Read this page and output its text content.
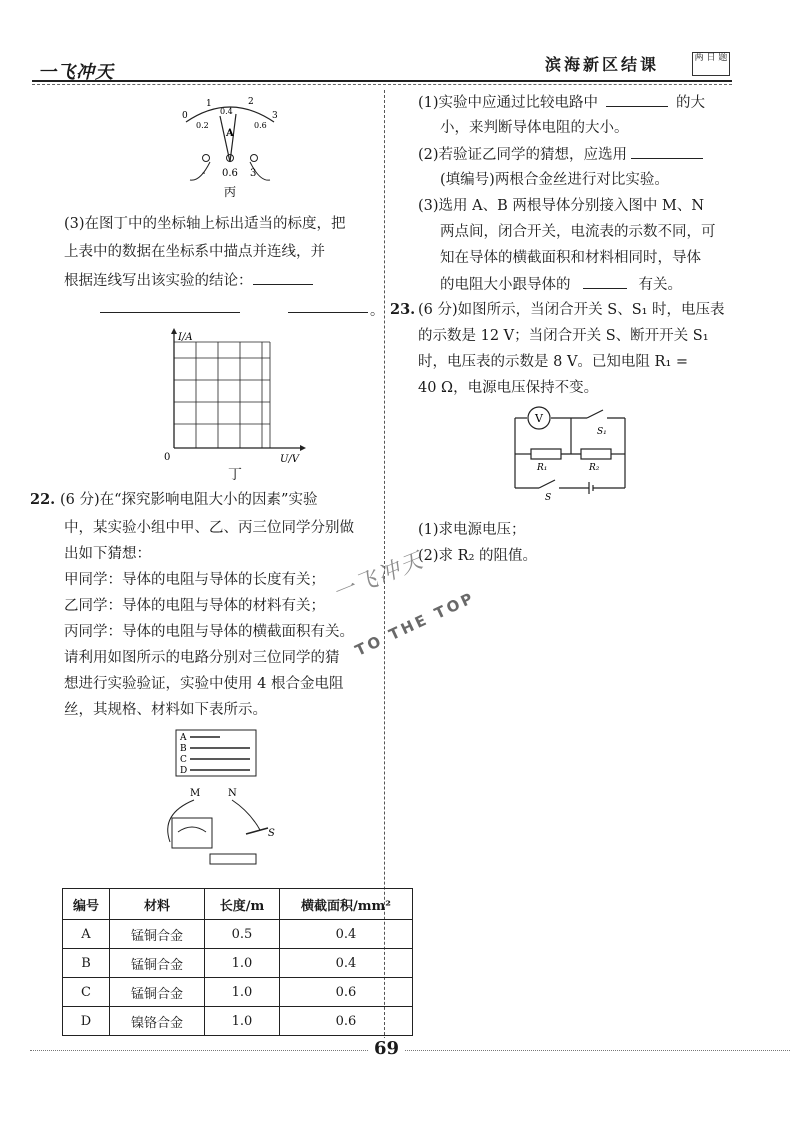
一飞冲天	滨海新区结课	两 日 题
0
1	2
3
0.2
0.4
0.6
A
- 0.6 3
丙
(3)在图丁中的坐标轴上标出适当的标度，把
上表中的数据在坐标系中描点并连线，并
根据连线写出该实验的结论：
。
I/A
U/V
0
丁
22. (6 分)在“探究影响电阻大小的因素”实验
中，某实验小组中甲、乙、丙三位同学分别做
出如下猜想：
甲同学：导体的电阻与导体的长度有关；
乙同学：导体的电阻与导体的材料有关；
丙同学：导体的电阻与导体的横截面积有关。
请利用如图所示的电路分别对三位同学的猜
想进行实验验证，实验中使用 4 根合金电阻
丝，其规格、材料如下表所示。
A
B
C
D
M	N
S
编号	材料	长度/m	横截面积/mm²
A	锰铜合金	0.5	0.4
B	锰铜合金	1.0	0.4
C	锰铜合金	1.0	0.6
D	镍铬合金	1.0	0.6
(1)实验中应通过比较电路中	的大
小，来判断导体电阻的大小。
(2)若验证乙同学的猜想，应选用
(填编号)两根合金丝进行对比实验。
(3)选用 A、B 两根导体分别接入图中 M、N
两点间，闭合开关，电流表的示数不同，可
知在导体的横截面积和材料相同时，导体
的电阻大小跟导体的	有关。
23. (6 分)如图所示，当闭合开关 S、S₁ 时，电压表
的示数是 12 V；当闭合开关 S、断开开关 S₁
时，电压表的示数是 8 V。已知电阻 R₁ =
40 Ω，电源电压保持不变。
V
S₁
R₁	R₂
S
(1)求电源电压；
(2)求 R₂ 的阻值。
一飞冲天
TO THE TOP
69
